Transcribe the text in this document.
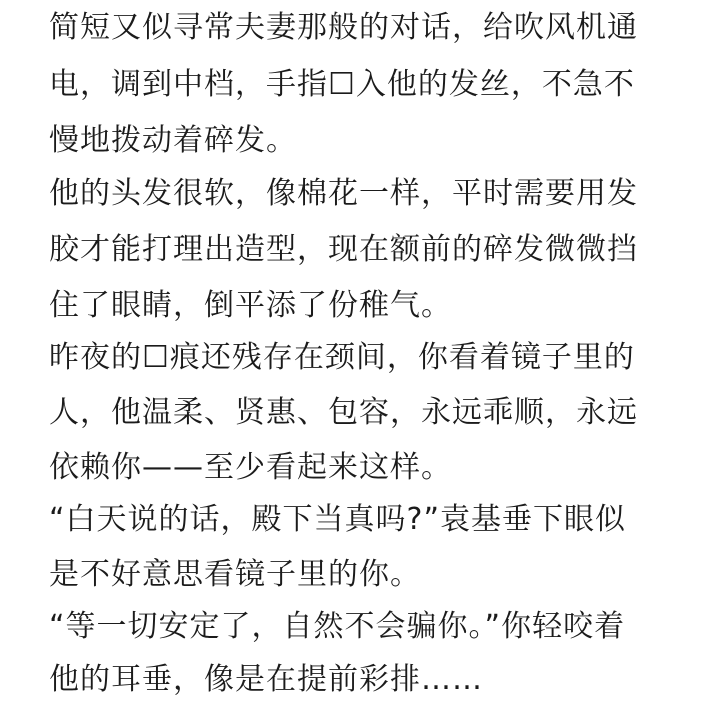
简短又似寻常夫妻那般的对话，给吹风机通
电，调到中档，手指☐入他的发丝，不急不
慢地拨动着碎发。
他的头发很软，像棉花一样，平时需要用发
胶才能打理出造型，现在额前的碎发微微挡
住了眼睛，倒平添了份稚气。
昨夜的☐痕还残存在颈间，你看着镜子里的
人，他温柔、贤惠、包容，永远乖顺，永远
依赖你——至少看起来这样。
“白天说的话，殿下当真吗?”袁基垂下眼似
是不好意思看镜子里的你。
“等一切安定了，自然不会骗你。”你轻咬着
他的耳垂，像是在提前彩排……
